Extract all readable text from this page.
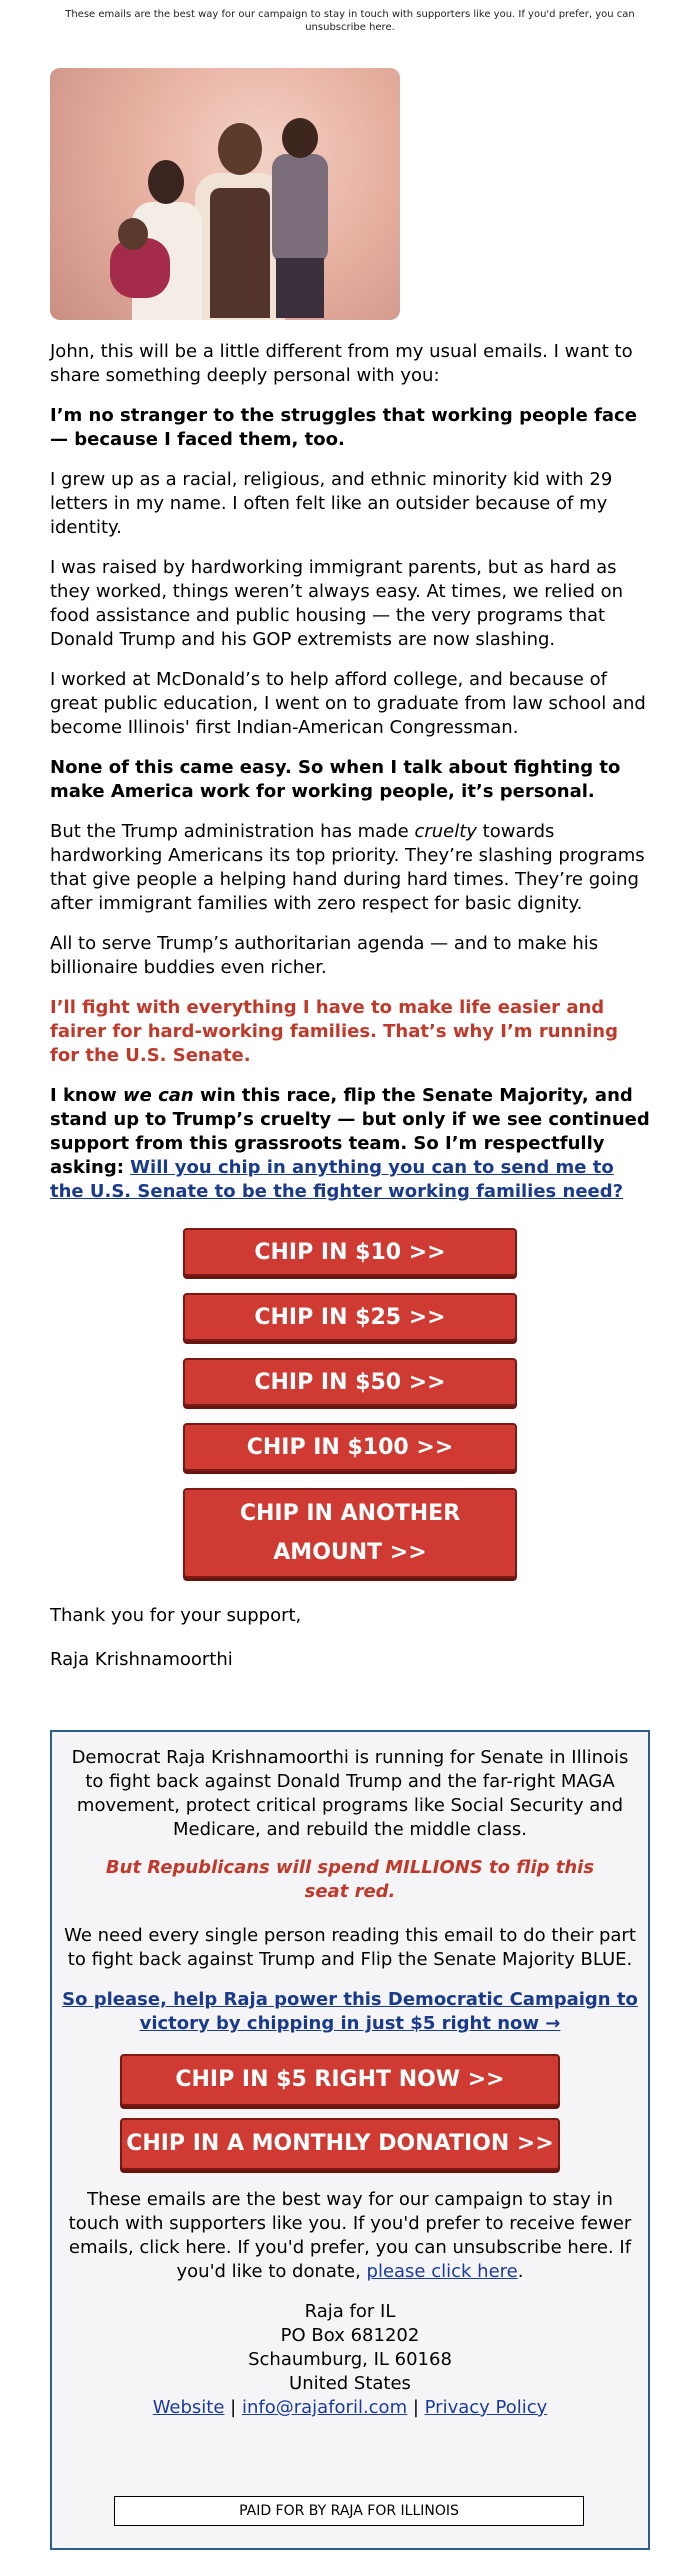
These emails are the best way for our campaign to stay in touch with supporters like you. If you'd prefer, you can unsubscribe here.

John, this will be a little different from my usual emails. I want to share something deeply personal with you:

I’m no stranger to the struggles that working people face — because I faced them, too.

I grew up as a racial, religious, and ethnic minority kid with 29 letters in my name. I often felt like an outsider because of my identity.

I was raised by hardworking immigrant parents, but as hard as they worked, things weren’t always easy. At times, we relied on food assistance and public housing — the very programs that Donald Trump and his GOP extremists are now slashing.

I worked at McDonald’s to help afford college, and because of great public education, I went on to graduate from law school and become Illinois' first Indian-American Congressman.

None of this came easy. So when I talk about fighting to make America work for working people, it’s personal.

But the Trump administration has made cruelty towards hardworking Americans its top priority. They’re slashing programs that give people a helping hand during hard times. They’re going after immigrant families with zero respect for basic dignity.

All to serve Trump’s authoritarian agenda — and to make his billionaire buddies even richer.

I’ll fight with everything I have to make life easier and fairer for hard-working families. That’s why I’m running for the U.S. Senate.

I know we can win this race, flip the Senate Majority, and stand up to Trump’s cruelty — but only if we see continued support from this grassroots team. So I’m respectfully asking: Will you chip in anything you can to send me to the U.S. Senate to be the fighter working families need?

CHIP IN $10 >>
CHIP IN $25 >>
CHIP IN $50 >>
CHIP IN $100 >>
CHIP IN ANOTHER
AMOUNT >>

Thank you for your support,

Raja Krishnamoorthi

Democrat Raja Krishnamoorthi is running for Senate in Illinois to fight back against Donald Trump and the far-right MAGA movement, protect critical programs like Social Security and Medicare, and rebuild the middle class.

But Republicans will spend MILLIONS to flip this seat red.

We need every single person reading this email to do their part to fight back against Trump and Flip the Senate Majority BLUE.

So please, help Raja power this Democratic Campaign to victory by chipping in just $5 right now →

CHIP IN $5 RIGHT NOW >>
CHIP IN A MONTHLY DONATION >>

These emails are the best way for our campaign to stay in touch with supporters like you. If you'd prefer to receive fewer emails, click here. If you'd prefer, you can unsubscribe here. If you'd like to donate, please click here.

Raja for IL

PO Box 681202

Schaumburg, IL 60168

United States

Website | info@rajaforil.com | Privacy Policy

PAID FOR BY RAJA FOR ILLINOIS
